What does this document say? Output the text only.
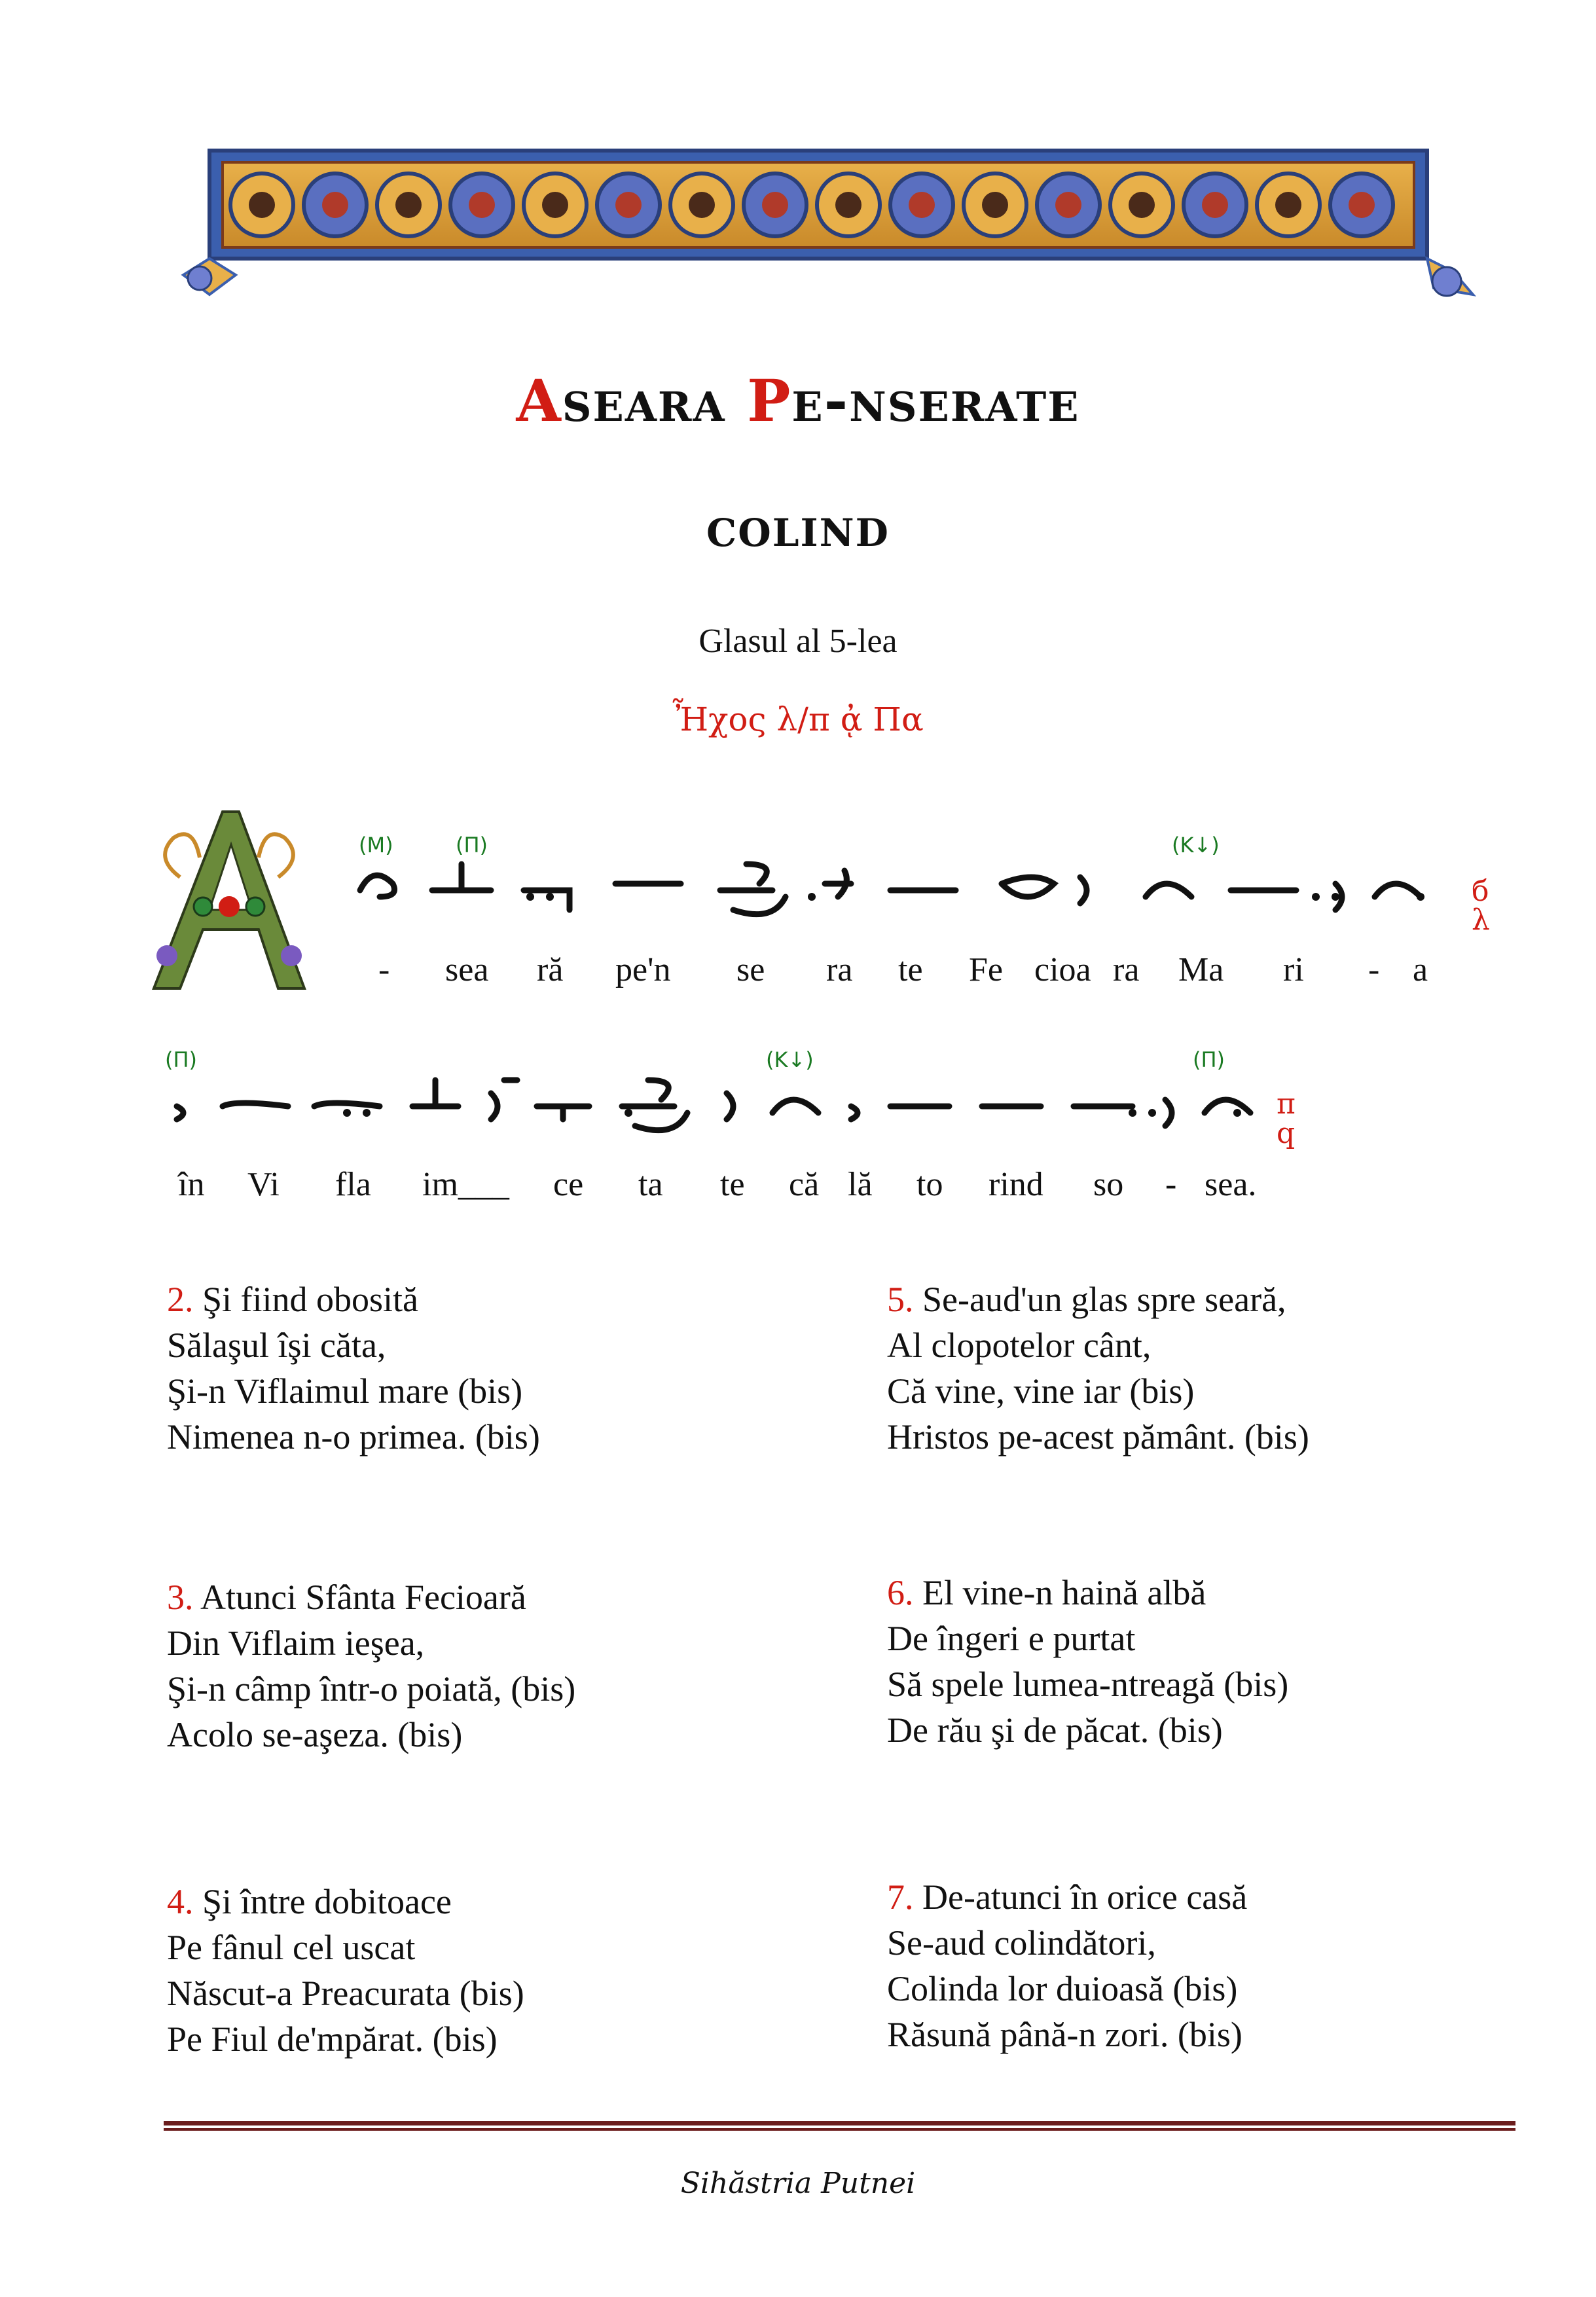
Aseara Pe-nserate
COLIND
Glasul al 5-lea
Ἦχος λ/π ᾀ Πα
(M)	(Π)	(K↓)
б
λ
- sea ră pe'n se ra te Fe cioa ra Ma ri - a
(Π)	(K↓)	(Π)
π
q
în Vi fla im___ ce ta te că lă to rind so - sea.
2. Şi fiind obosită
Sălaşul îşi căta,
Şi-n Viflaimul mare (bis)
Nimenea n-o primea. (bis)
5. Se-aud'un glas spre seară,
Al clopotelor cânt,
Că vine, vine iar (bis)
Hristos pe-acest pământ. (bis)
3. Atunci Sfânta Fecioară
Din Viflaim ieşea,
Şi-n câmp într-o poiată, (bis)
Acolo se-aşeza. (bis)
6. El vine-n haină albă
De îngeri e purtat
Să spele lumea-ntreagă (bis)
De rău şi de păcat. (bis)
4. Şi între dobitoace
Pe fânul cel uscat
Născut-a Preacurata (bis)
Pe Fiul de'mpărat. (bis)
7. De-atunci în orice casă
Se-aud colindători,
Colinda lor duioasă (bis)
Răsună până-n zori. (bis)
Sihăstria Putnei
